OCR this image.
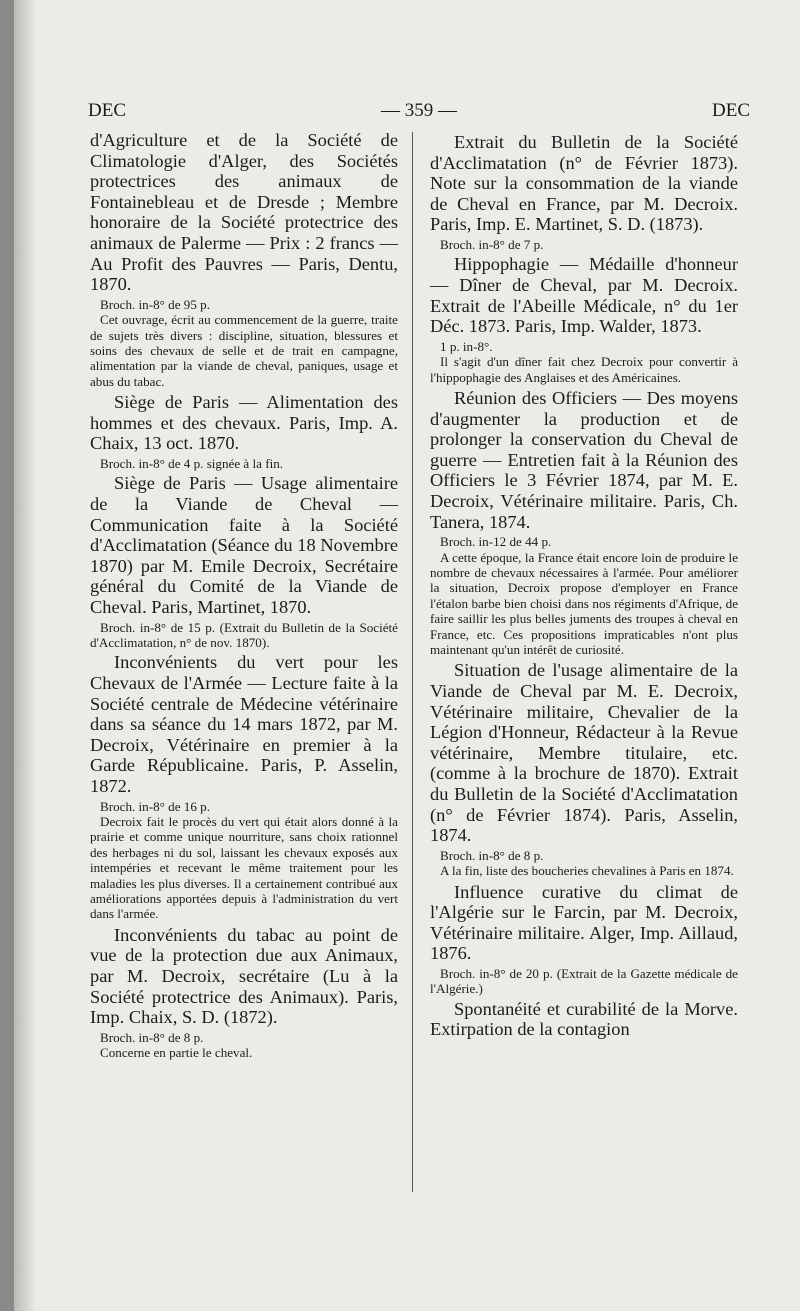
DEC	— 359 —	DEC

d'Agriculture et de la Société de Climatologie d'Alger, des Sociétés protectrices des animaux de Fontainebleau et de Dresde ; Membre honoraire de la Société protectrice des animaux de Palerme — Prix : 2 francs — Au Profit des Pauvres — Paris, Dentu, 1870.

Broch. in-8° de 95 p.

Cet ouvrage, écrit au commencement de la guerre, traite de sujets très divers : discipline, situation, blessures et soins des chevaux de selle et de trait en campagne, alimentation par la viande de cheval, paniques, usage et abus du tabac.

Siège de Paris — Alimentation des hommes et des chevaux. Paris, Imp. A. Chaix, 13 oct. 1870.

Broch. in-8° de 4 p. signée à la fin.

Siège de Paris — Usage alimentaire de la Viande de Cheval — Communication faite à la Société d'Acclimatation (Séance du 18 Novembre 1870) par M. Emile Decroix, Secrétaire général du Comité de la Viande de Cheval. Paris, Martinet, 1870.

Broch. in-8° de 15 p. (Extrait du Bulletin de la Société d'Acclimatation, n° de nov. 1870).

Inconvénients du vert pour les Chevaux de l'Armée — Lecture faite à la Société centrale de Médecine vétérinaire dans sa séance du 14 mars 1872, par M. Decroix, Vétérinaire en premier à la Garde Républicaine. Paris, P. Asselin, 1872.

Broch. in-8° de 16 p.

Decroix fait le procès du vert qui était alors donné à la prairie et comme unique nourriture, sans choix rationnel des herbages ni du sol, laissant les chevaux exposés aux intempéries et recevant le même traitement pour les maladies les plus diverses. Il a certainement contribué aux améliorations apportées depuis à l'administration du vert dans l'armée.

Inconvénients du tabac au point de vue de la protection due aux Animaux, par M. Decroix, secrétaire (Lu à la Société protectrice des Animaux). Paris, Imp. Chaix, S. D. (1872).

Broch. in-8° de 8 p.

Concerne en partie le cheval.

Extrait du Bulletin de la Société d'Acclimatation (n° de Février 1873). Note sur la consommation de la viande de Cheval en France, par M. Decroix. Paris, Imp. E. Martinet, S. D. (1873).

Broch. in-8° de 7 p.

Hippophagie — Médaille d'honneur — Dîner de Cheval, par M. Decroix. Extrait de l'Abeille Médicale, n° du 1er Déc. 1873. Paris, Imp. Walder, 1873.

1 p. in-8°.

Il s'agit d'un dîner fait chez Decroix pour convertir à l'hippophagie des Anglaises et des Américaines.

Réunion des Officiers — Des moyens d'augmenter la production et de prolonger la conservation du Cheval de guerre — Entretien fait à la Réunion des Officiers le 3 Février 1874, par M. E. Decroix, Vétérinaire militaire. Paris, Ch. Tanera, 1874.

Broch. in-12 de 44 p.

A cette époque, la France était encore loin de produire le nombre de chevaux nécessaires à l'armée. Pour améliorer la situation, Decroix propose d'employer en France l'étalon barbe bien choisi dans nos régiments d'Afrique, de faire saillir les plus belles juments des troupes à cheval en France, etc. Ces propositions impraticables n'ont plus maintenant qu'un intérêt de curiosité.

Situation de l'usage alimentaire de la Viande de Cheval par M. E. Decroix, Vétérinaire militaire, Chevalier de la Légion d'Honneur, Rédacteur à la Revue vétérinaire, Membre titulaire, etc. (comme à la brochure de 1870). Extrait du Bulletin de la Société d'Acclimatation (n° de Février 1874). Paris, Asselin, 1874.

Broch. in-8° de 8 p.

A la fin, liste des boucheries chevalines à Paris en 1874.

Influence curative du climat de l'Algérie sur le Farcin, par M. Decroix, Vétérinaire militaire. Alger, Imp. Aillaud, 1876.

Broch. in-8° de 20 p. (Extrait de la Gazette médicale de l'Algérie.)

Spontanéité et curabilité de la Morve. Extirpation de la contagion
